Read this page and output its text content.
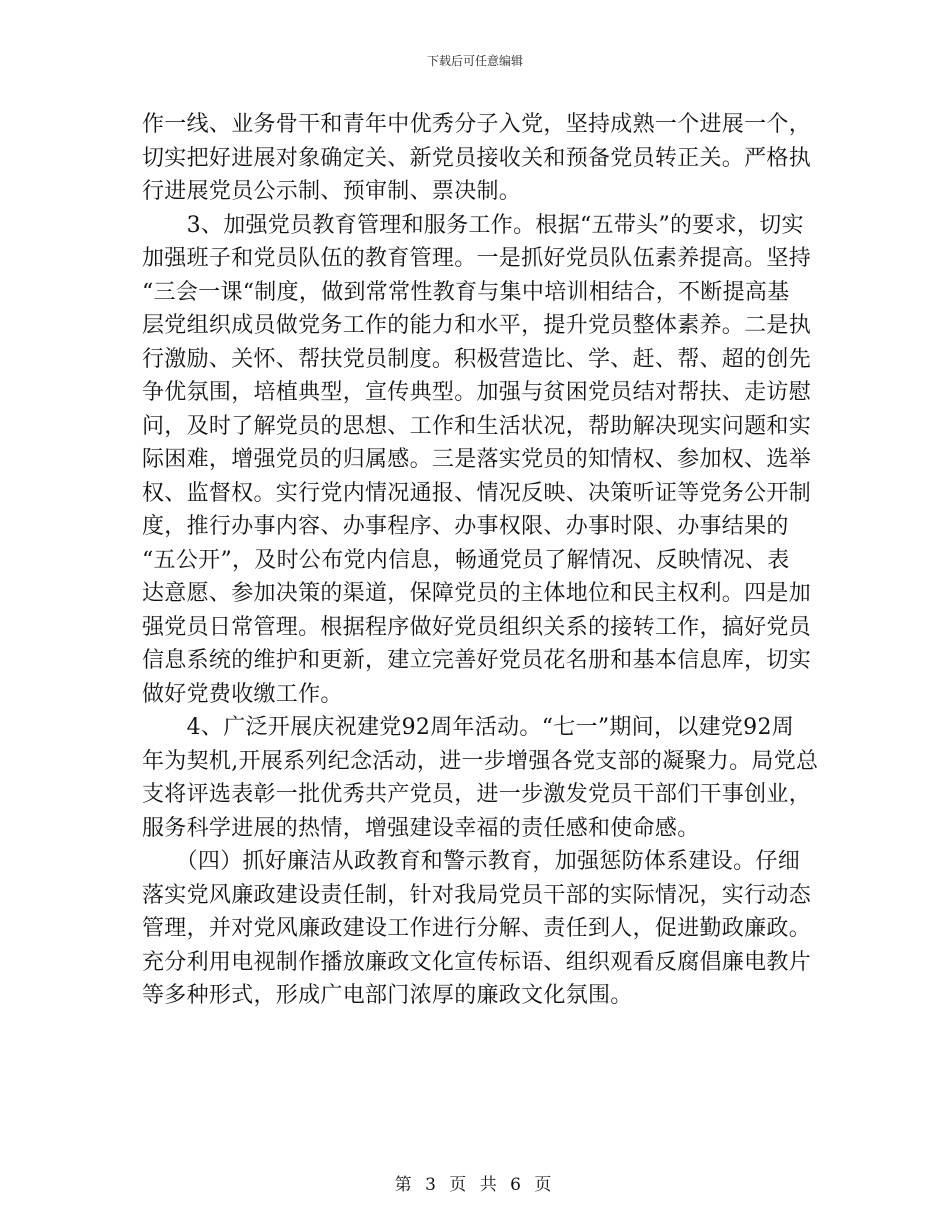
下载后可任意编辑
作一线、业务骨干和青年中优秀分子入党，坚持成熟一个进展一个，
切实把好进展对象确定关、新党员接收关和预备党员转正关。严格执
行进展党员公示制、预审制、票决制。
　　3、加强党员教育管理和服务工作。根据“五带头”的要求，切实
加强班子和党员队伍的教育管理。一是抓好党员队伍素养提高。坚持
“三会一课“制度，做到常常性教育与集中培训相结合，不断提高基
层党组织成员做党务工作的能力和水平，提升党员整体素养。二是执
行激励、关怀、帮扶党员制度。积极营造比、学、赶、帮、超的创先
争优氛围，培植典型，宣传典型。加强与贫困党员结对帮扶、走访慰
问，及时了解党员的思想、工作和生活状况，帮助解决现实问题和实
际困难，增强党员的归属感。三是落实党员的知情权、参加权、选举
权、监督权。实行党内情况通报、情况反映、决策听证等党务公开制
度，推行办事内容、办事程序、办事权限、办事时限、办事结果的
“五公开”，及时公布党内信息，畅通党员了解情况、反映情况、表
达意愿、参加决策的渠道，保障党员的主体地位和民主权利。四是加
强党员日常管理。根据程序做好党员组织关系的接转工作，搞好党员
信息系统的维护和更新，建立完善好党员花名册和基本信息库，切实
做好党费收缴工作。
　　4、广泛开展庆祝建党92周年活动。“七一”期间，以建党92周
年为契机,开展系列纪念活动，进一步增强各党支部的凝聚力。局党总
支将评选表彰一批优秀共产党员，进一步激发党员干部们干事创业，
服务科学进展的热情，增强建设幸福的责任感和使命感。
　　（四）抓好廉洁从政教育和警示教育，加强惩防体系建设。仔细
落实党风廉政建设责任制，针对我局党员干部的实际情况，实行动态
管理，并对党风廉政建设工作进行分解、责任到人，促进勤政廉政。
充分利用电视制作播放廉政文化宣传标语、组织观看反腐倡廉电教片
等多种形式，形成广电部门浓厚的廉政文化氛围。
第 3 页 共 6 页
